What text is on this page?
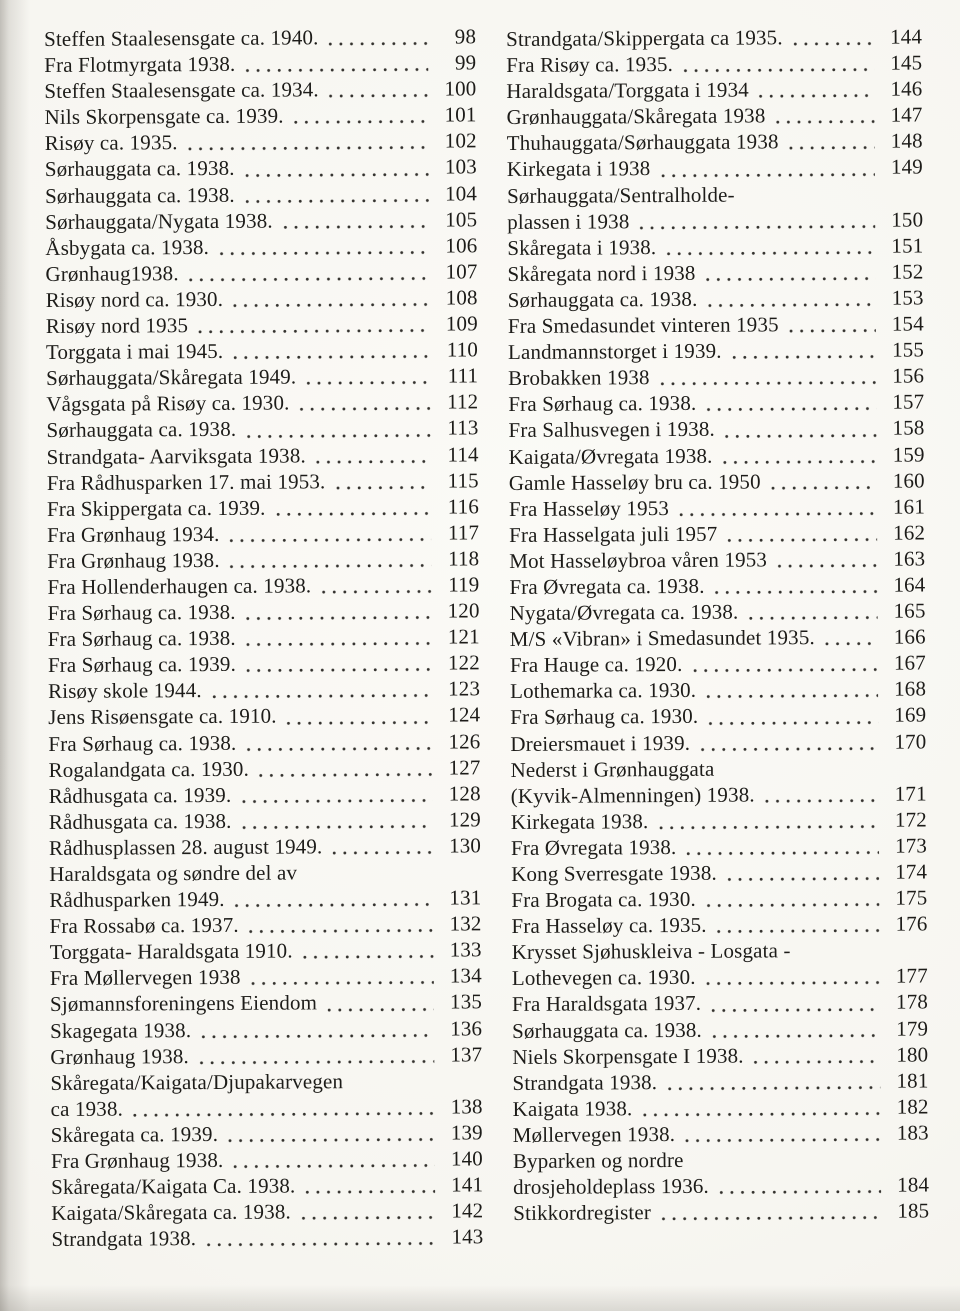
Steffen Staalesensgate ca. 1940.	98
Fra Flotmyrgata 1938.	99
Steffen Staalesensgate ca. 1934.	100
Nils Skorpensgate ca. 1939.	101
Risøy ca. 1935.	102
Sørhauggata ca. 1938.	103
Sørhauggata ca. 1938.	104
Sørhauggata/Nygata 1938.	105
Åsbygata ca. 1938.	106
Grønhaug1938.	107
Risøy nord ca. 1930.	108
Risøy nord 1935	109
Torggata i mai 1945.	110
Sørhauggata/Skåregata 1949.	111
Vågsgata på Risøy ca. 1930.	112
Sørhauggata ca. 1938.	113
Strandgata- Aarviksgata 1938.	114
Fra Rådhusparken 17. mai 1953.	115
Fra Skippergata ca. 1939.	116
Fra Grønhaug 1934.	117
Fra Grønhaug 1938.	118
Fra Hollenderhaugen ca. 1938.	119
Fra Sørhaug ca. 1938.	120
Fra Sørhaug ca. 1938.	121
Fra Sørhaug ca. 1939.	122
Risøy skole 1944.	123
Jens Risøensgate ca. 1910.	124
Fra Sørhaug ca. 1938.	126
Rogalandgata ca. 1930.	127
Rådhusgata ca. 1939.	128
Rådhusgata ca. 1938.	129
Rådhusplassen 28. august 1949.	130
Haraldsgata og søndre del av
Rådhusparken 1949.	131
Fra Rossabø ca. 1937.	132
Torggata- Haraldsgata 1910.	133
Fra Møllervegen 1938	134
Sjømannsforeningens Eiendom	135
Skagegata 1938.	136
Grønhaug 1938.	137
Skåregata/Kaigata/Djupakarvegen
ca 1938.	138
Skåregata ca. 1939.	139
Fra Grønhaug 1938.	140
Skåregata/Kaigata Ca. 1938.	141
Kaigata/Skåregata ca. 1938.	142
Strandgata 1938.	143
Strandgata/Skippergata ca 1935.	144
Fra Risøy ca. 1935.	145
Haraldsgata/Torggata i 1934	146
Grønhauggata/Skåregata 1938	147
Thuhauggata/Sørhauggata 1938	148
Kirkegata i 1938	149
Sørhauggata/Sentralholde-
plassen i 1938	150
Skåregata i 1938.	151
Skåregata nord i 1938	152
Sørhauggata ca. 1938.	153
Fra Smedasundet vinteren 1935	154
Landmannstorget i 1939.	155
Brobakken 1938	156
Fra Sørhaug ca. 1938.	157
Fra Salhusvegen i 1938.	158
Kaigata/Øvregata 1938.	159
Gamle Hasseløy bru ca. 1950	160
Fra Hasseløy 1953	161
Fra Hasselgata juli 1957	162
Mot Hasseløybroa våren 1953	163
Fra Øvregata ca. 1938.	164
Nygata/Øvregata ca. 1938.	165
M/S «Vibran» i Smedasundet 1935.	166
Fra Hauge ca. 1920.	167
Lothemarka ca. 1930.	168
Fra Sørhaug ca. 1930.	169
Dreiersmauet i 1939.	170
Nederst i Grønhauggata
(Kyvik-Almenningen) 1938.	171
Kirkegata 1938.	172
Fra Øvregata 1938.	173
Kong Sverresgate 1938.	174
Fra Brogata ca. 1930.	175
Fra Hasseløy ca. 1935.	176
Krysset Sjøhuskleiva - Losgata -
Lothevegen ca. 1930.	177
Fra Haraldsgata 1937.	178
Sørhauggata ca. 1938.	179
Niels Skorpensgate I 1938.	180
Strandgata 1938.	181
Kaigata 1938.	182
Møllervegen 1938.	183
Byparken og nordre
drosjeholdeplass 1936.	184
Stikkordregister	185
